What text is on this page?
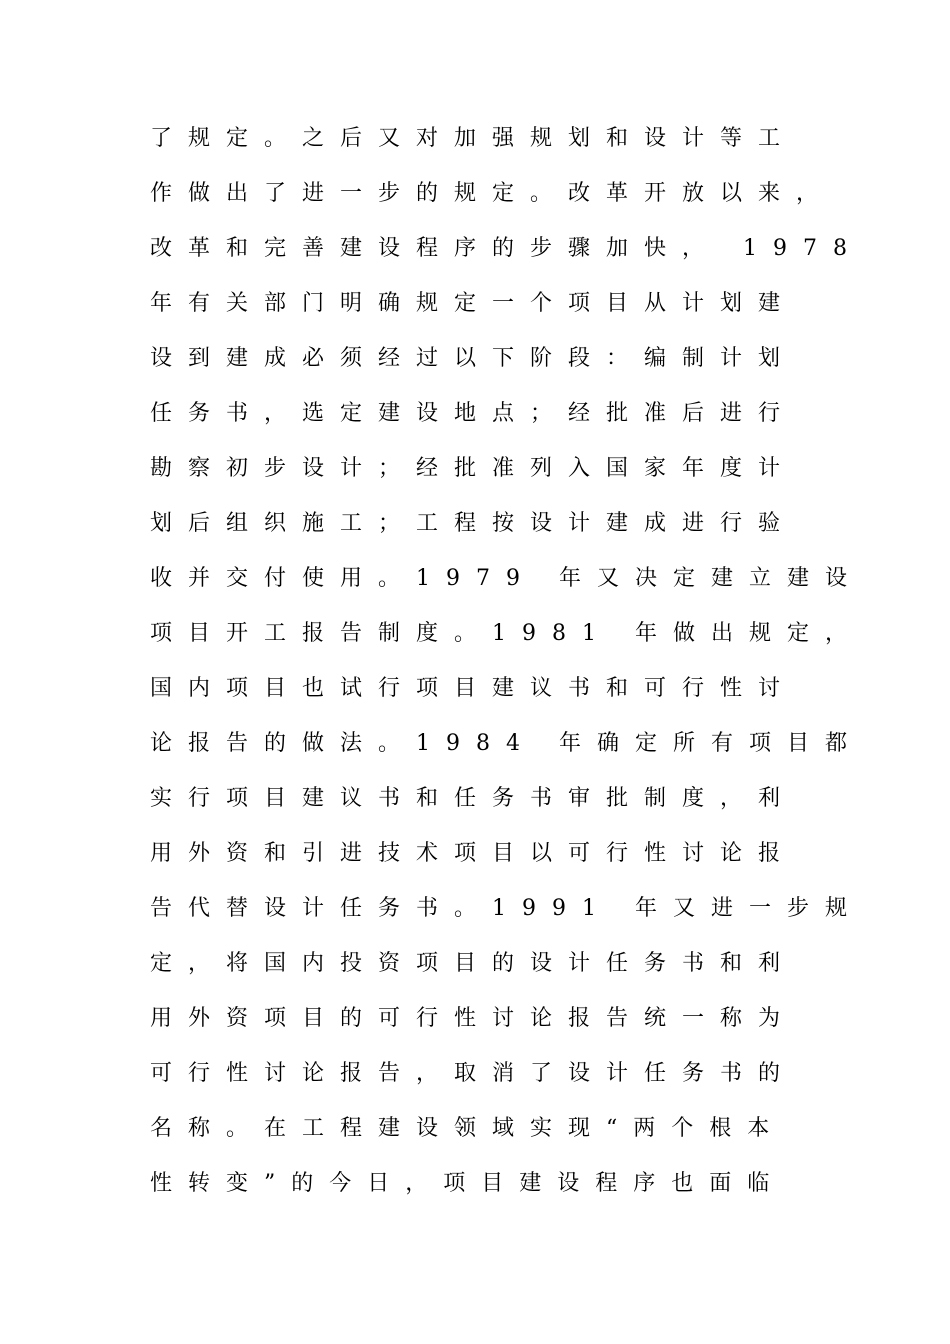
了规定。之后又对加强规划和设计等工
作做出了进一步的规定。改革开放以来，
改革和完善建设程序的步骤加快， 1978
年有关部门明确规定一个项目从计划建
设到建成必须经过以下阶段：编制计划
任务书，选定建设地点；经批准后进行
勘察初步设计；经批准列入国家年度计
划后组织施工；工程按设计建成进行验
收并交付使用。1979 年又决定建立建设
项目开工报告制度。1981 年做出规定，
国内项目也试行项目建议书和可行性讨
论报告的做法。1984 年确定所有项目都
实行项目建议书和任务书审批制度，利
用外资和引进技术项目以可行性讨论报
告代替设计任务书。1991 年又进一步规
定，将国内投资项目的设计任务书和利
用外资项目的可行性讨论报告统一称为
可行性讨论报告，取消了设计任务书的
名称。在工程建设领域实现“两个根本
性转变”的今日，项目建设程序也面临
